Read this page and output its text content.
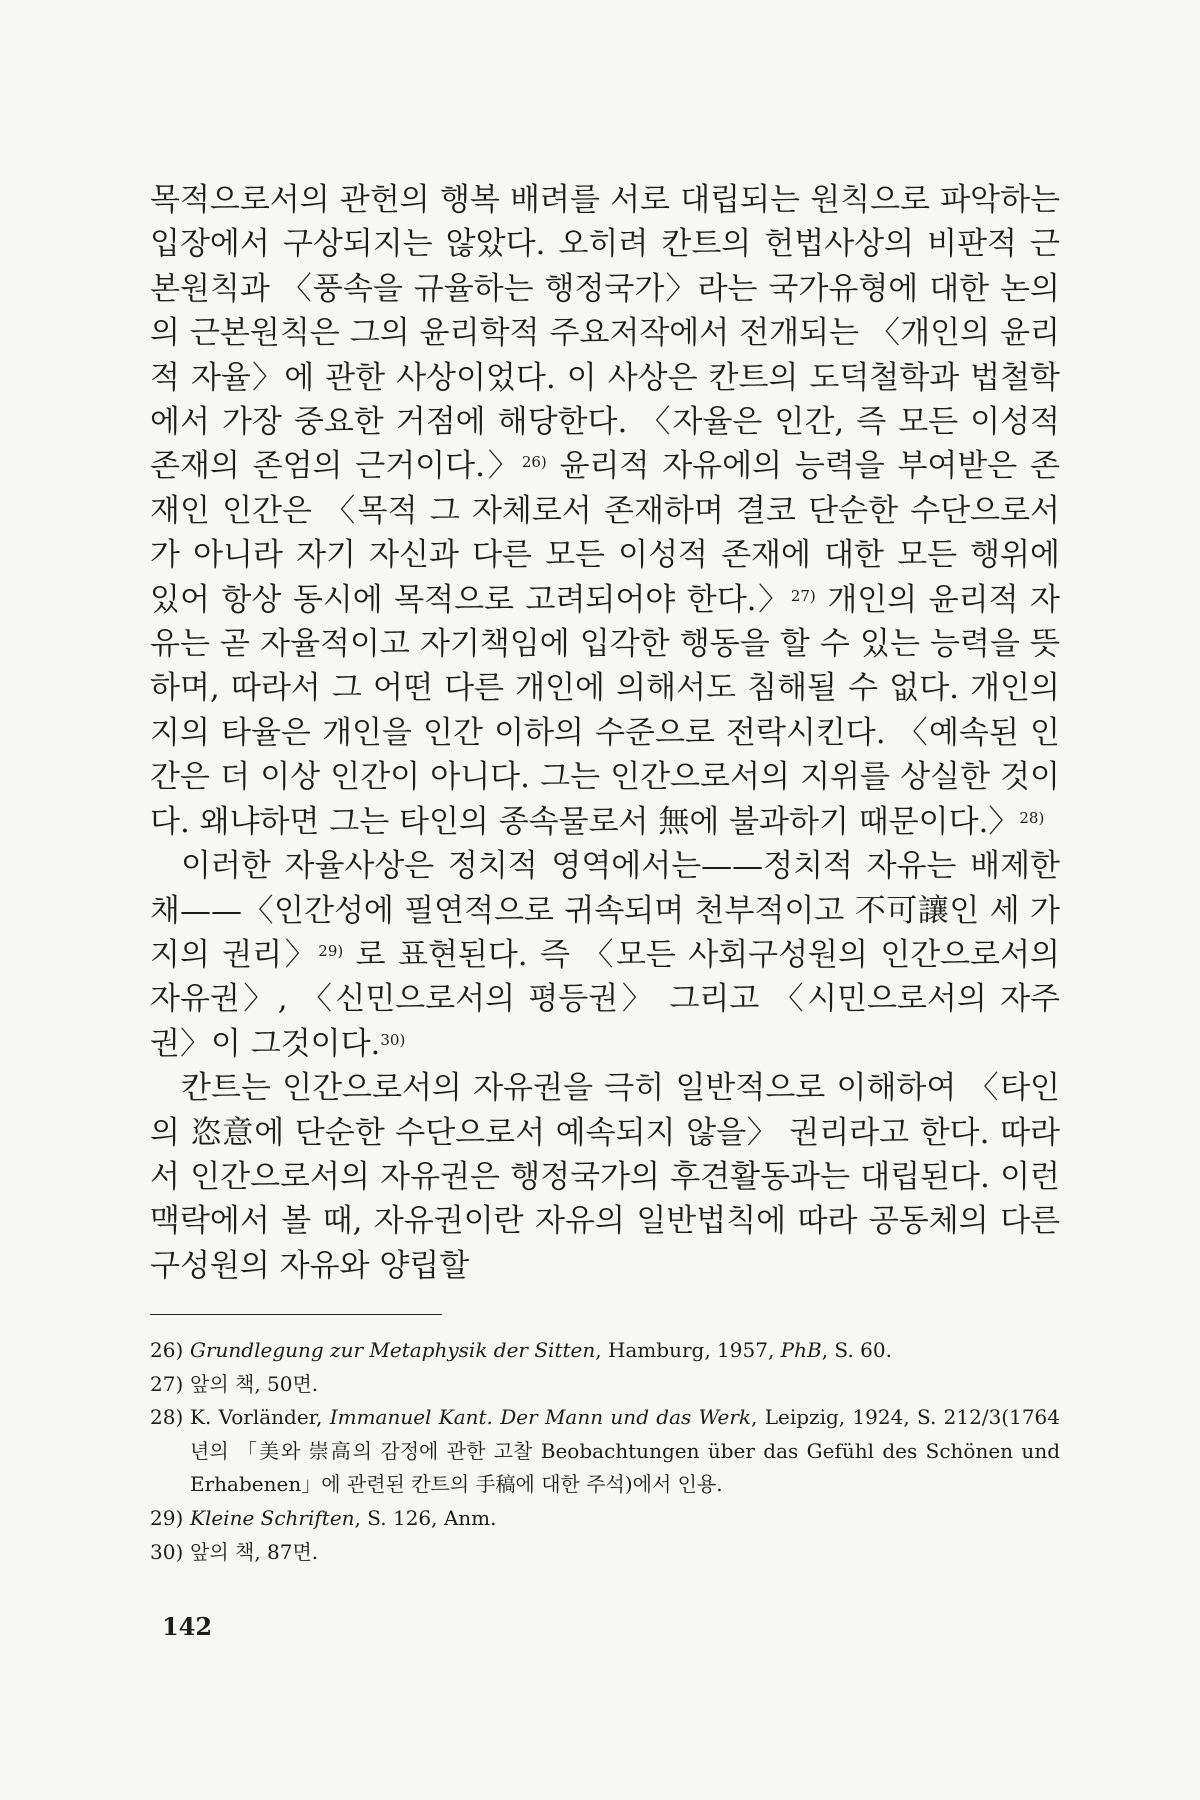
목적으로서의 관헌의 행복 배려를 서로 대립되는 원칙으로 파악하는 입장에서 구상되지는 않았다. 오히려 칸트의 헌법사상의 비판적 근본원칙과 〈풍속을 규율하는 행정국가〉라는 국가유형에 대한 논의의 근본원칙은 그의 윤리학적 주요저작에서 전개되는 〈개인의 윤리적 자율〉에 관한 사상이었다. 이 사상은 칸트의 도덕철학과 법철학에서 가장 중요한 거점에 해당한다. 〈자율은 인간, 즉 모든 이성적 존재의 존엄의 근거이다.〉$^{26)}$ 윤리적 자유에의 능력을 부여받은 존재인 인간은 〈목적 그 자체로서 존재하며 결코 단순한 수단으로서가 아니라 자기 자신과 다른 모든 이성적 존재에 대한 모든 행위에 있어 항상 동시에 목적으로 고려되어야 한다.〉$^{27)}$ 개인의 윤리적 자유는 곧 자율적이고 자기책임에 입각한 행동을 할 수 있는 능력을 뜻하며, 따라서 그 어떤 다른 개인에 의해서도 침해될 수 없다. 개인의지의 타율은 개인을 인간 이하의 수준으로 전락시킨다. 〈예속된 인간은 더 이상 인간이 아니다. 그는 인간으로서의 지위를 상실한 것이다. 왜냐하면 그는 타인의 종속물로서 無에 불과하기 때문이다.〉$^{28)}$

이러한 자율사상은 정치적 영역에서는——정치적 자유는 배제한 채——〈인간성에 필연적으로 귀속되며 천부적이고 不可讓인 세 가지의 권리〉$^{29)}$ 로 표현된다. 즉 〈모든 사회구성원의 인간으로서의 자유권〉, 〈신민으로서의 평등권〉 그리고 〈시민으로서의 자주권〉이 그것이다.$^{30)}$

칸트는 인간으로서의 자유권을 극히 일반적으로 이해하여 〈타인의 恣意에 단순한 수단으로서 예속되지 않을〉 권리라고 한다. 따라서 인간으로서의 자유권은 행정국가의 후견활동과는 대립된다. 이런 맥락에서 볼 때, 자유권이란 자유의 일반법칙에 따라 공동체의 다른 구성원의 자유와 양립할

26) Grundlegung zur Metaphysik der Sitten, Hamburg, 1957, PhB, S. 60.
27) 앞의 책, 50면.
28) K. Vorländer, Immanuel Kant. Der Mann und das Werk, Leipzig, 1924, S. 212/3(1764년의 「美와 崇高의 감정에 관한 고찰 Beobachtungen über das Gefühl des Schönen und Erhabenen」에 관련된 칸트의 手稿에 대한 주석)에서 인용.
29) Kleine Schriften, S. 126, Anm.
30) 앞의 책, 87면.
142
